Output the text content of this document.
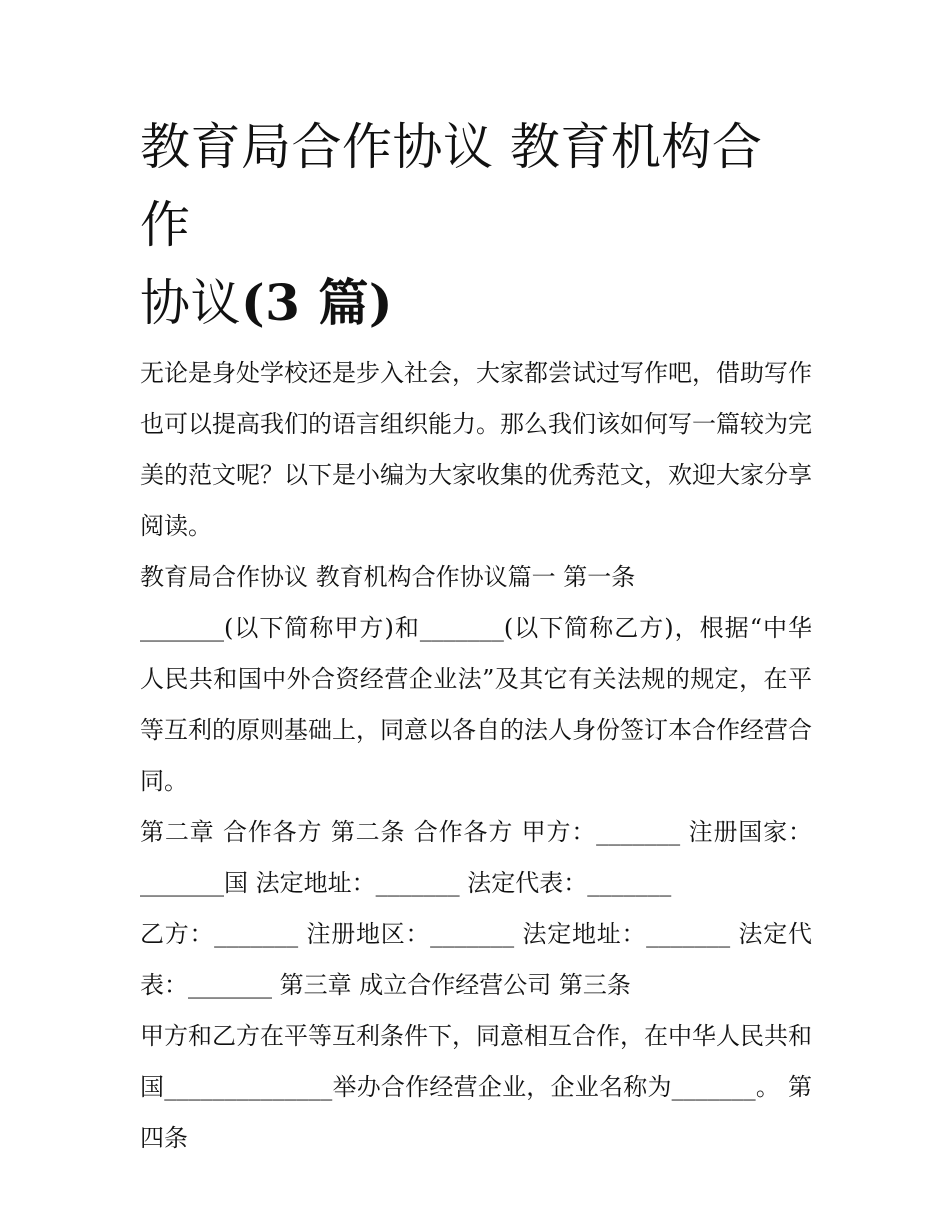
教育局合作协议 教育机构合作
协议(3 篇)

无论是身处学校还是步入社会，大家都尝试过写作吧，借助写作也可以提高我们的语言组织能力。那么我们该如何写一篇较为完美的范文呢？以下是小编为大家收集的优秀范文，欢迎大家分享阅读。

教育局合作协议 教育机构合作协议篇一 第一条

_______(以下简称甲方)和_______(以下简称乙方)，根据“中华人民共和国中外合资经营企业法”及其它有关法规的规定，在平等互利的原则基础上，同意以各自的法人身份签订本合作经营合同。

第二章 合作各方 第二条 合作各方 甲方：_______ 注册国家：_______国 法定地址：_______ 法定代表：_______

乙方：_______ 注册地区：_______ 法定地址：_______ 法定代表：_______ 第三章 成立合作经营公司 第三条

甲方和乙方在平等互利条件下，同意相互合作，在中华人民共和国______________举办合作经营企业，企业名称为_______。 第四条
